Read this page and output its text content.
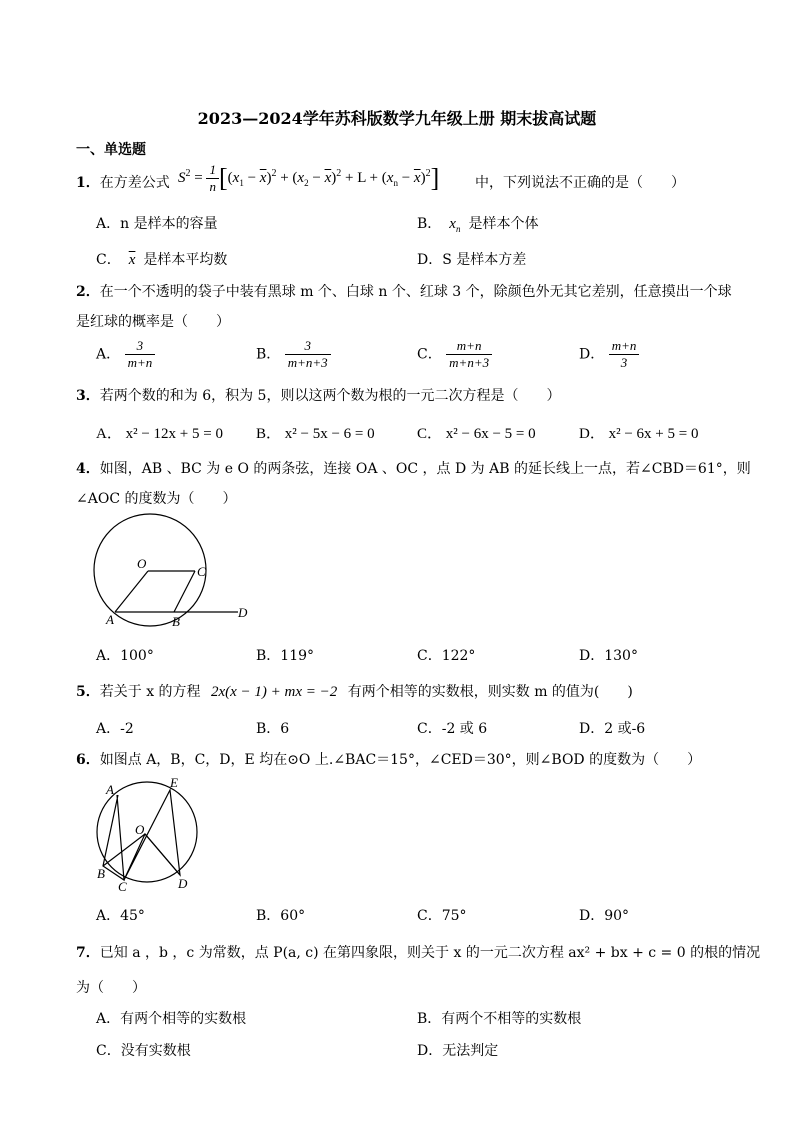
2023—2024学年苏科版数学九年级上册 期末拔高试题
一、单选题
1．在方差公式 $S^2 = \frac{1}{n} [(x_1 - \overline{x})^2 + (x_2 - \overline{x})^2 + L + (x_n - \overline{x})^2]$	中，下列说法不正确的是（　　）
A．n 是样本的容量	B． $x_n$ 是样本个体
C． $\overline{x}$ 是样本平均数	D．S 是样本方差
2．在一个不透明的袋子中装有黑球 m 个、白球 n 个、红球 3 个，除颜色外无其它差别，任意摸出一个球
是红球的概率是（　　）
A． $\frac{3}{m+n}$	B． $\frac{3}{m+n+3}$	C． $\frac{m+n}{m+n+3}$	D． $\frac{m+n}{3}$
3．若两个数的和为 6，积为 5，则以这两个数为根的一元二次方程是（　　）
A． x² − 12x + 5 = 0 B． x² − 5x − 6 = 0	C． x² − 6x − 5 = 0	D． x² − 6x + 5 = 0
4．如图，AB 、BC 为 e O 的两条弦，连接 OA 、OC ，点 D 为 AB 的延长线上一点，若∠CBD＝61°，则
∠AOC 的度数为（　　）
O
C
A	B
D
A	E
O
B
C	D
A．100°	B．119°	C．122°	D．130°
5．若关于 x 的方程 2x(x − 1) + mx = −2 有两个相等的实数根，则实数 m 的值为(　　)
A．-2	B．6	C．-2 或 6	D．2 或-6
6．如图点 A，B，C，D，E 均在⊙O 上.∠BAC＝15°，∠CED＝30°，则∠BOD 的度数为（　　）
A．45°	B．60°	C．75°	D．90°
7．已知 a ，b ，c 为常数，点 P(a, c) 在第四象限，则关于 x 的一元二次方程 ax² + bx + c = 0 的根的情况
为（　　）
A．有两个相等的实数根	B．有两个不相等的实数根
C．没有实数根	D．无法判定
